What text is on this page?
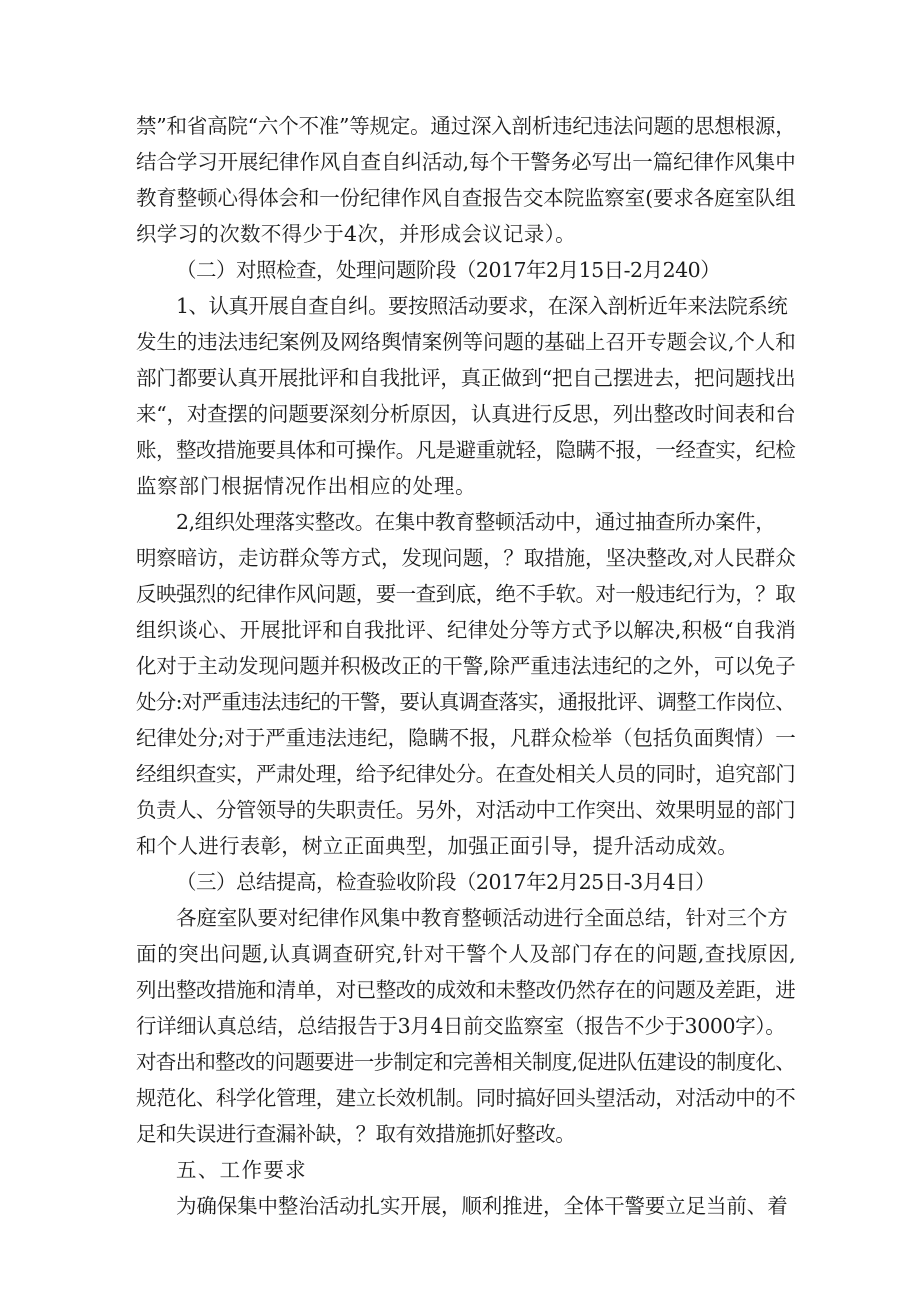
禁”和省高院“六个不准”等规定。通过深入剖析违纪违法问题的思想根源，
结合学习开展纪律作风自查自纠活动,每个干警务必写出一篇纪律作风集中
教育整顿心得体会和一份纪律作风自查报告交本院监察室(要求各庭室队组
织学习的次数不得少于4次，并形成会议记录）。
（二）对照检查，处理问题阶段（2017年2月15日-2月240）
1、认真开展自查自纠。要按照活动要求，在深入剖析近年来法院系统
发生的违法违纪案例及网络舆情案例等问题的基础上召开专题会议,个人和
部门都要认真开展批评和自我批评，真正做到“把自己摆进去，把问题找出
来“，对查摆的问题要深刻分析原因，认真进行反思，列出整改时间表和台
账，整改措施要具体和可操作。凡是避重就轻，隐瞒不报，一经查实，纪检
监察部门根据情况作出相应的处理。
2,组织处理落实整改。在集中教育整顿活动中，通过抽查所办案件，
明察暗访，走访群众等方式，发现问题，？取措施，坚决整改,对人民群众
反映强烈的纪律作风问题，要一查到底，绝不手软。对一般违纪行为，？取
组织谈心、开展批评和自我批评、纪律处分等方式予以解决,积极“自我消
化对于主动发现问题并积极改正的干警,除严重违法违纪的之外，可以免子
处分:对严重违法违纪的干警，要认真调查落实，通报批评、调整工作岗位、
纪律处分;对于严重违法违纪，隐瞒不报，凡群众检举（包括负面舆情）一
经组织查实，严肃处理，给予纪律处分。在查处相关人员的同时，追究部门
负责人、分管领导的失职责任。另外，对活动中工作突出、效果明显的部门
和个人进行表彰，树立正面典型，加强正面引导，提升活动成效。
（三）总结提高，检查验收阶段（2017年2月25日-3月4日）
各庭室队要对纪律作风集中教育整顿活动进行全面总结，针对三个方
面的突出问题,认真调查研究,针对干警个人及部门存在的问题,查找原因,
列出整改措施和清单，对已整改的成效和未整改仍然存在的问题及差距，进
行详细认真总结，总结报告于3月4日前交监察室（报告不少于3000字）。
对杳出和整改的问题要进一步制定和完善相关制度,促进队伍建设的制度化、
规范化、科学化管理，建立长效机制。同时搞好回头望活动，对活动中的不
足和失误进行查漏补缺，？取有效措施抓好整改。
五、工作要求
为确保集中整治活动扎实开展，顺利推进，全体干警要立足当前、着
